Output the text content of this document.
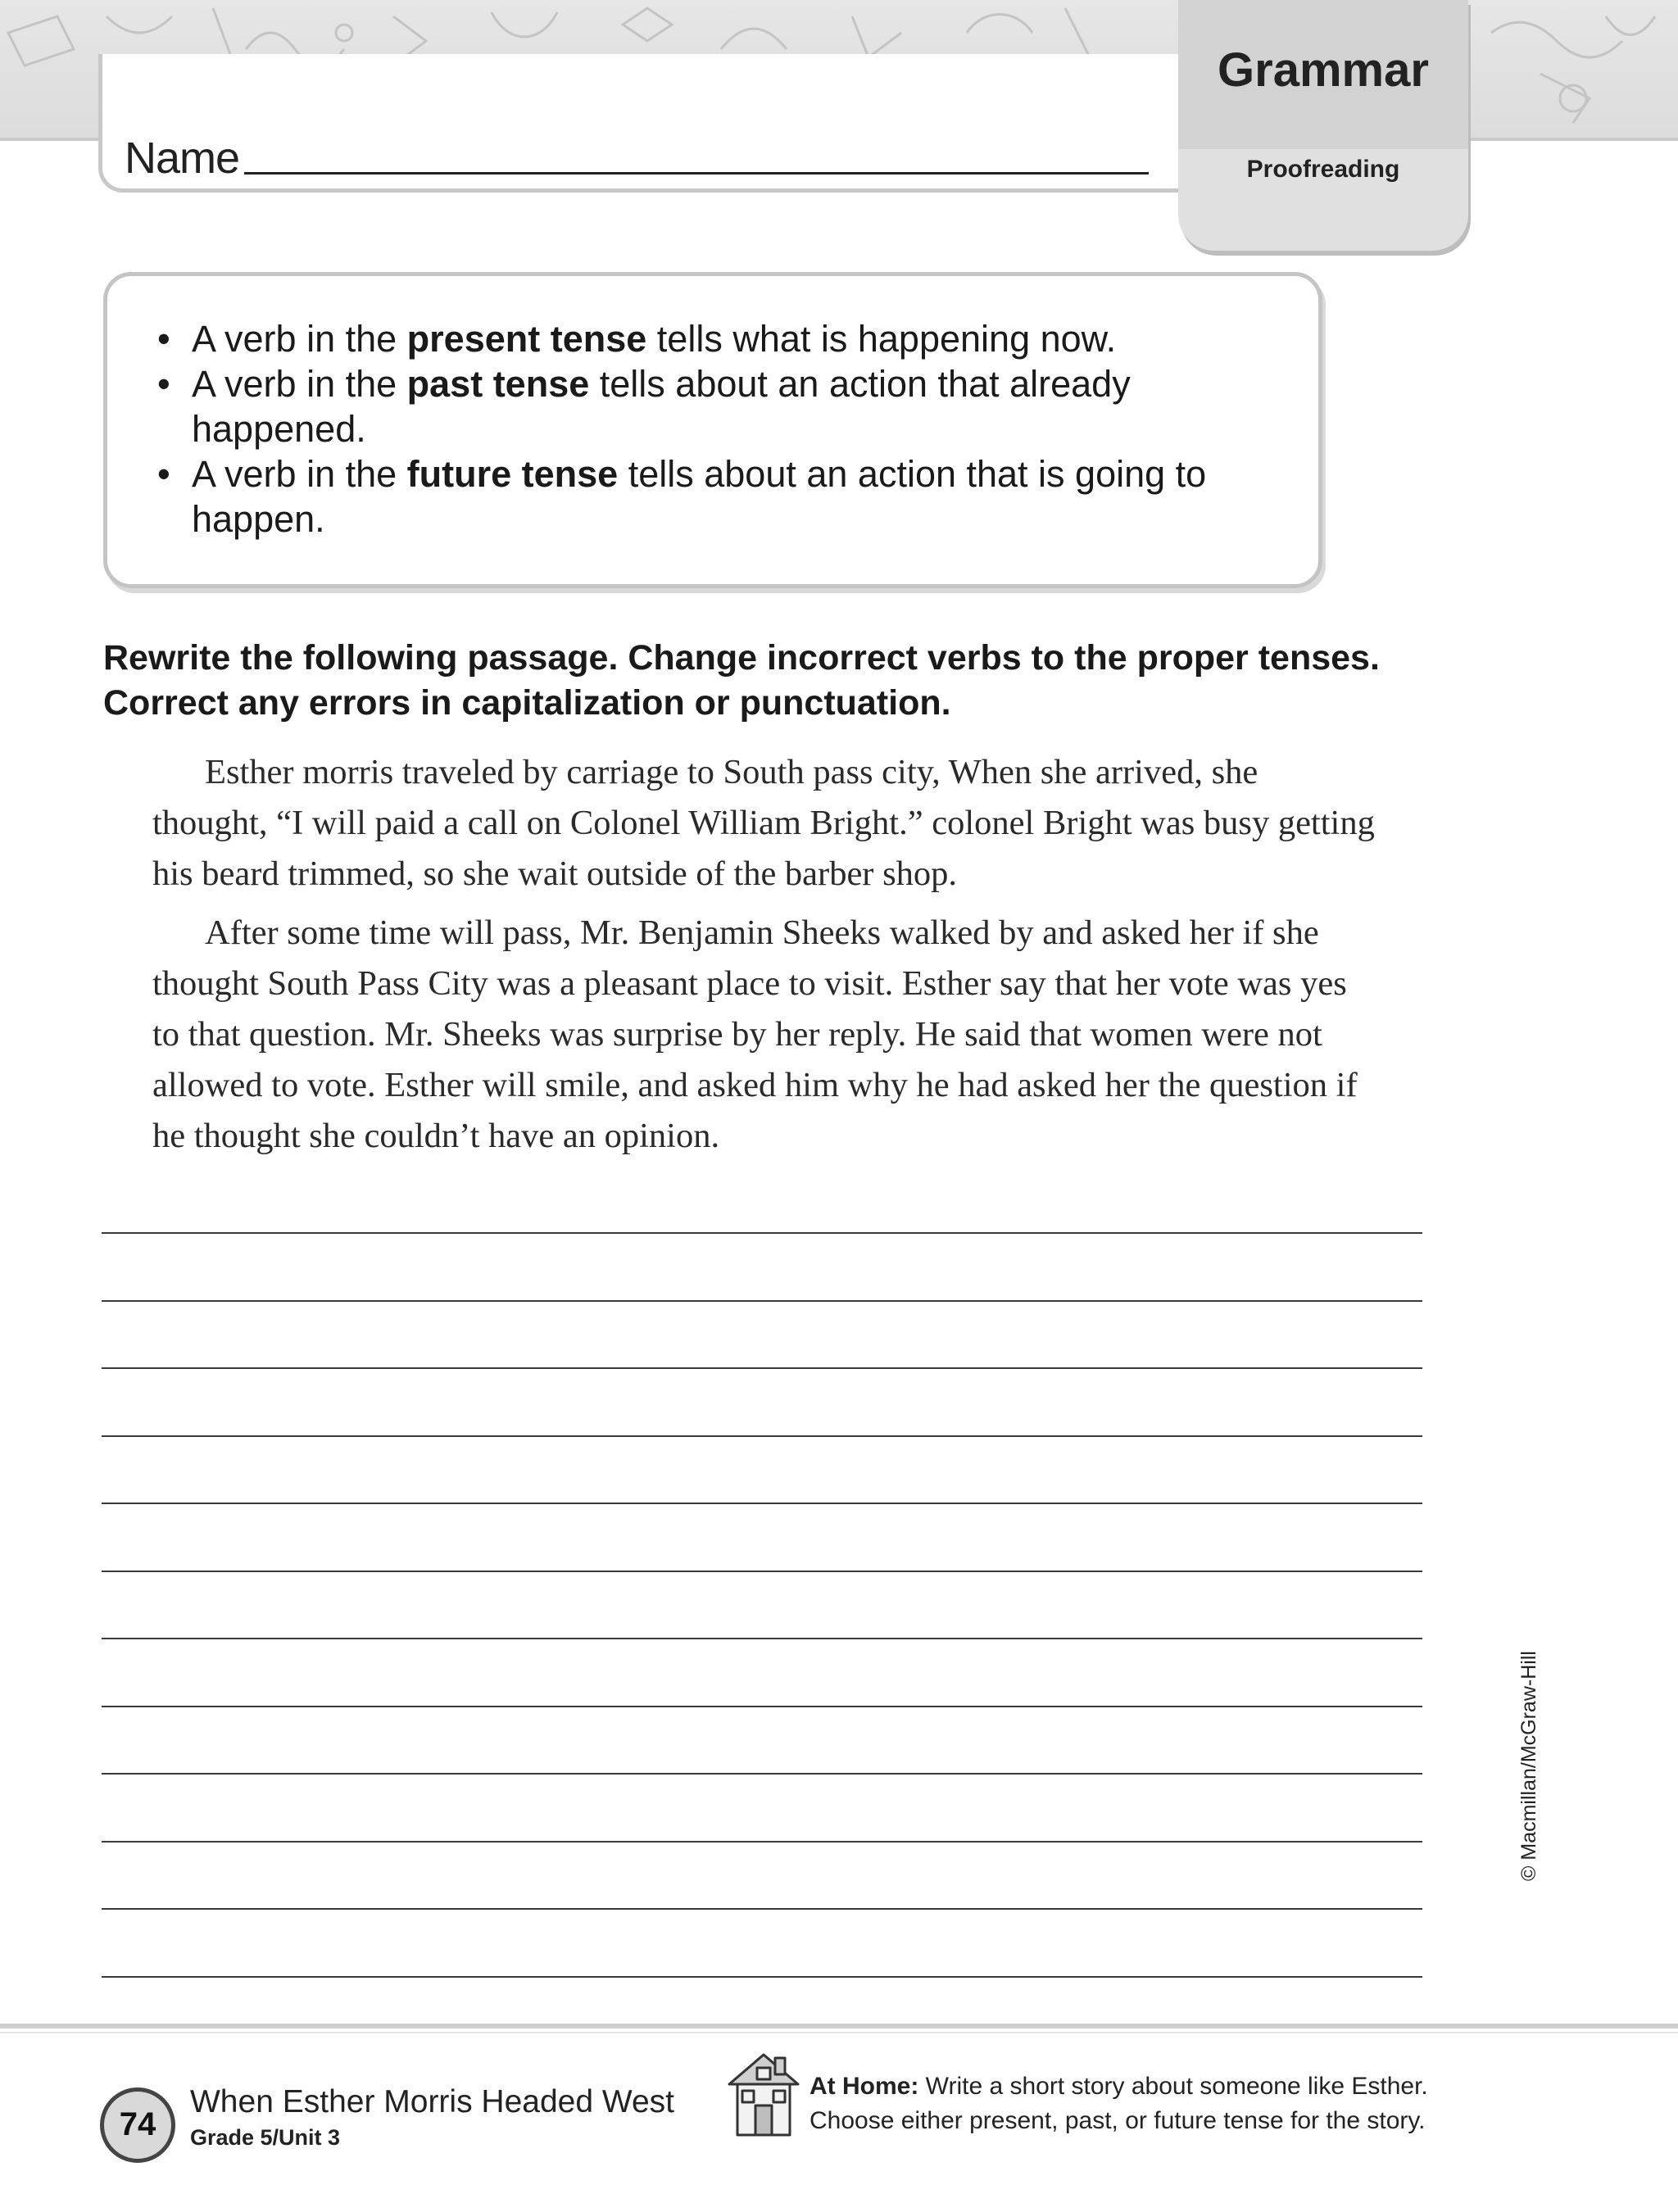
Name
Grammar
Proofreading
• A verb in the present tense tells what is happening now.
• A verb in the past tense tells about an action that already happened.
• A verb in the future tense tells about an action that is going to happen.
Rewrite the following passage. Change incorrect verbs to the proper tenses. Correct any errors in capitalization or punctuation.
Esther morris traveled by carriage to South pass city, When she arrived, she thought, “I will paid a call on Colonel William Bright.” colonel Bright was busy getting his beard trimmed, so she wait outside of the barber shop.
After some time will pass, Mr. Benjamin Sheeks walked by and asked her if she thought South Pass City was a pleasant place to visit. Esther say that her vote was yes to that question. Mr. Sheeks was surprise by her reply. He said that women were not allowed to vote. Esther will smile, and asked him why he had asked her the question if he thought she couldn’t have an opinion.
© Macmillan/McGraw-Hill
74
When Esther Morris Headed West
Grade 5/Unit 3
At Home: Write a short story about someone like Esther. Choose either present, past, or future tense for the story.
